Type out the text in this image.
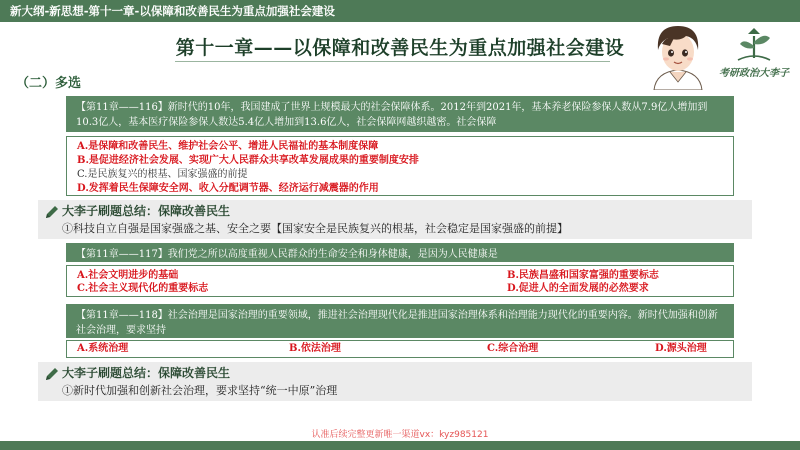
新大纲-新思想-第十一章-以保障和改善民生为重点加强社会建设
第十一章——以保障和改善民生为重点加强社会建设
考研政治大李子
（二）多选
【第11章——116】新时代的10年，我国建成了世界上规模最大的社会保障体系。2012年到2021年，基本养老保险参保人数从7.9亿人增加到10.3亿人，基本医疗保险参保人数达5.4亿人增加到13.6亿人，社会保障网越织越密。社会保障
A.是保障和改善民生、维护社会公平、增进人民福祉的基本制度保障
B.是促进经济社会发展、实现广大人民群众共享改革发展成果的重要制度安排
C.是民族复兴的根基、国家强盛的前提
D.发挥着民生保障安全网、收入分配调节器、经济运行减震器的作用
大李子刷题总结：保障改善民生
①科技自立自强是国家强盛之基、安全之要【国家安全是民族复兴的根基，社会稳定是国家强盛的前提】
【第11章——117】我们党之所以高度重视人民群众的生命安全和身体健康，是因为人民健康是
A.社会文明进步的基础	B.民族昌盛和国家富强的重要标志
C.社会主义现代化的重要标志	D.促进人的全面发展的必然要求
【第11章——118】社会治理是国家治理的重要领域，推进社会治理现代化是推进国家治理体系和治理能力现代化的重要内容。新时代加强和创新社会治理，要求坚持
A.系统治理	B.依法治理	C.综合治理	D.源头治理
大李子刷题总结：保障改善民生
①新时代加强和创新社会治理，要求坚持“统一中原”治理
认准后续完整更新唯一渠道vx：kyz985121
